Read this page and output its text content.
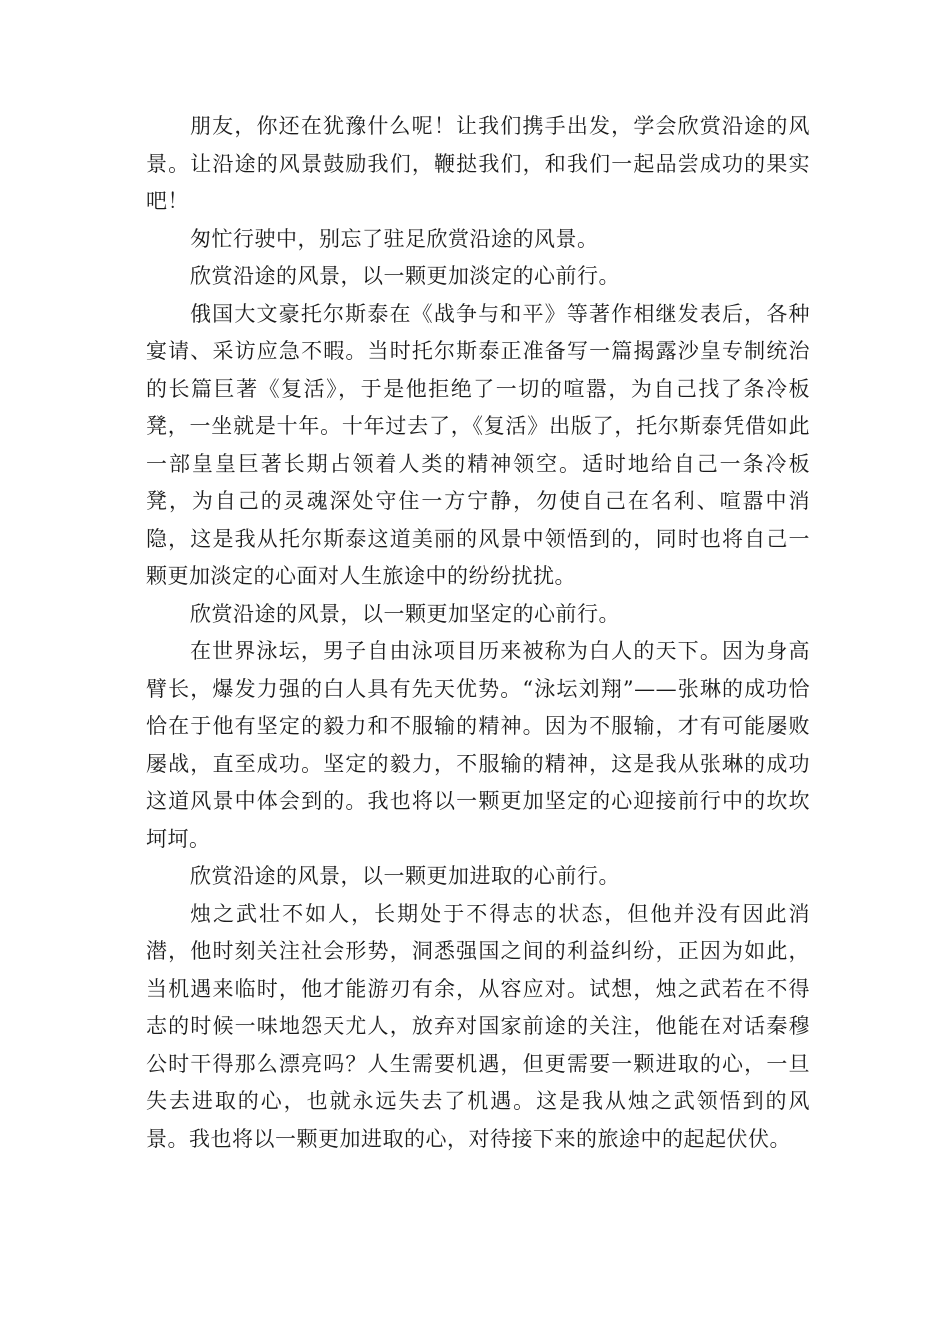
朋友，你还在犹豫什么呢！让我们携手出发，学会欣赏沿途的风景。让沿途的风景鼓励我们，鞭挞我们，和我们一起品尝成功的果实吧！

匆忙行驶中，别忘了驻足欣赏沿途的风景。

欣赏沿途的风景，以一颗更加淡定的心前行。

俄国大文豪托尔斯泰在《战争与和平》等著作相继发表后，各种宴请、采访应急不暇。当时托尔斯泰正准备写一篇揭露沙皇专制统治的长篇巨著《复活》，于是他拒绝了一切的喧嚣，为自己找了条冷板凳，一坐就是十年。十年过去了，《复活》出版了，托尔斯泰凭借如此一部皇皇巨著长期占领着人类的精神领空。适时地给自己一条冷板凳，为自己的灵魂深处守住一方宁静，勿使自己在名利、喧嚣中消隐，这是我从托尔斯泰这道美丽的风景中领悟到的，同时也将自己一颗更加淡定的心面对人生旅途中的纷纷扰扰。

欣赏沿途的风景，以一颗更加坚定的心前行。

在世界泳坛，男子自由泳项目历来被称为白人的天下。因为身高臂长，爆发力强的白人具有先天优势。“泳坛刘翔”——张琳的成功恰恰在于他有坚定的毅力和不服输的精神。因为不服输，才有可能屡败屡战，直至成功。坚定的毅力，不服输的精神，这是我从张琳的成功这道风景中体会到的。我也将以一颗更加坚定的心迎接前行中的坎坎坷坷。

欣赏沿途的风景，以一颗更加进取的心前行。

烛之武壮不如人，长期处于不得志的状态，但他并没有因此消潜，他时刻关注社会形势，洞悉强国之间的利益纠纷，正因为如此，当机遇来临时，他才能游刃有余，从容应对。试想，烛之武若在不得志的时候一味地怨天尤人，放弃对国家前途的关注，他能在对话秦穆公时干得那么漂亮吗？人生需要机遇，但更需要一颗进取的心，一旦失去进取的心，也就永远失去了机遇。这是我从烛之武领悟到的风景。我也将以一颗更加进取的心，对待接下来的旅途中的起起伏伏。
